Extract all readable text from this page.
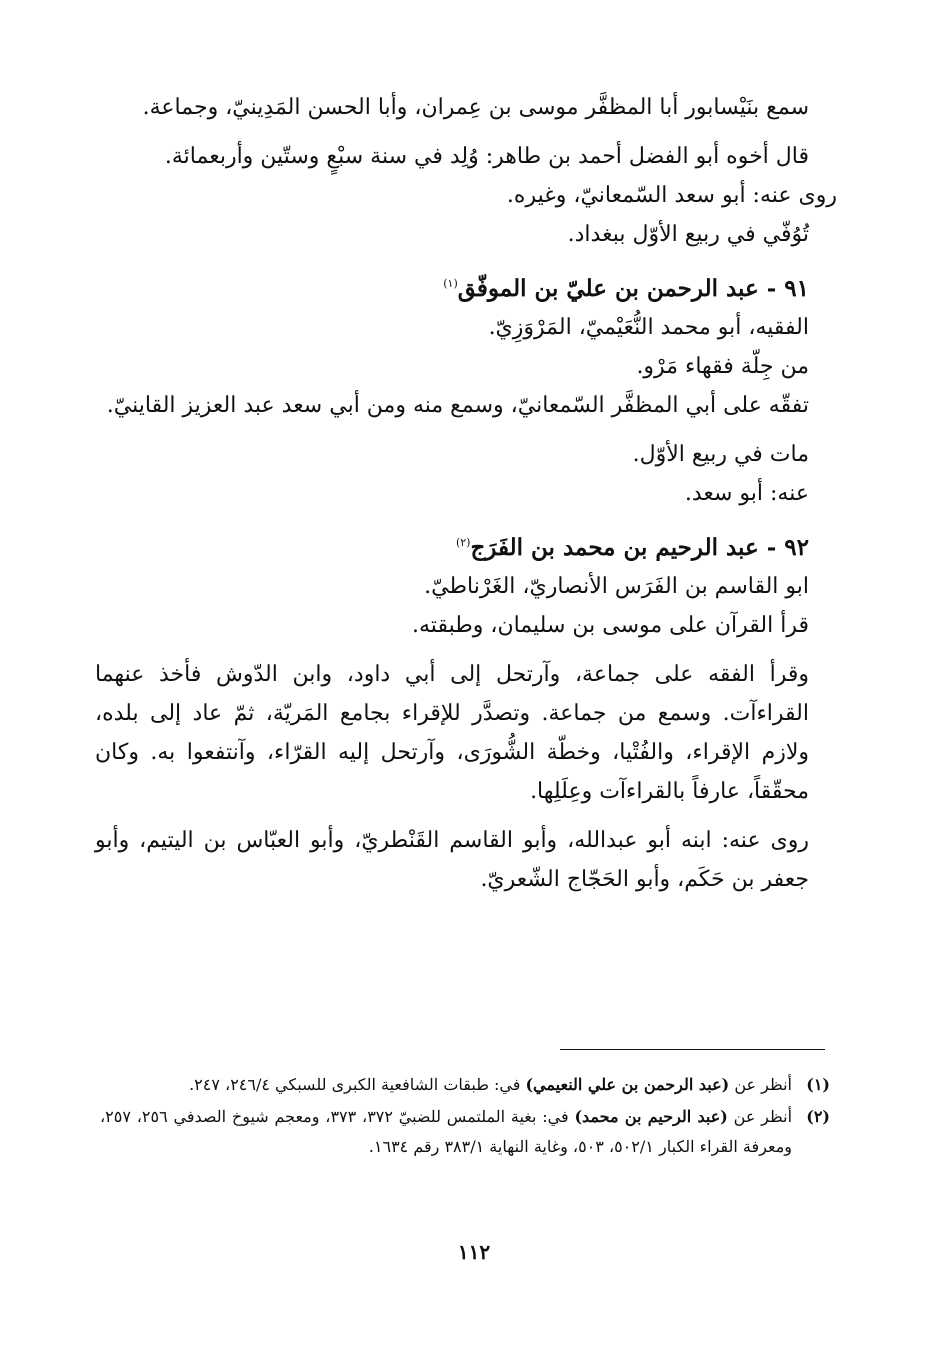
سمع بنَيْسابور أبا المظفَّر موسى بن عِمران، وأبا الحسن المَدِينيّ، وجماعة.

قال أخوه أبو الفضل أحمد بن طاهر: وُلِد في سنة سبْعٍ وستّين وأربعمائة.

روى عنه: أبو سعد السّمعانيّ، وغيره.

تُوُفّي في ربيع الأوّل ببغداد.

٩١ - عبد الرحمن بن عليّ بن الموفّق$^{(١)}$

الفقيه، أبو محمد النُّعَيْميّ، المَرْوَزِيّ.

من جِلّة فقهاء مَرْو.

تفقّه على أبي المظفَّر السّمعانيّ، وسمع منه ومن أبي سعد عبد العزيز القاينيّ.

مات في ربيع الأوّل.

عنه: أبو سعد.

٩٢ - عبد الرحيم بن محمد بن الفَرَج$^{(٢)}$

ابو القاسم بن الفَرَس الأنصاريّ، الغَرْناطيّ.

قرأ القرآن على موسى بن سليمان، وطبقته.

وقرأ الفقه على جماعة، وآرتحل إلى أبي داود، وابن الدّوش فأخذ عنهما القراءآت. وسمع من جماعة. وتصدَّر للإقراء بجامع المَريّة، ثمّ عاد إلى بلده، ولازم الإقراء، والفُتْيا، وخطّة الشُّورَى، وآرتحل إليه القرّاء، وآنتفعوا به. وكان محقّقاً، عارفاً بالقراءآت وعِلَلِها.

روى عنه: ابنه أبو عبدالله، وأبو القاسم القَنْطريّ، وأبو العبّاس بن اليتيم، وأبو جعفر بن حَكَم، وأبو الحَجّاج الشّعريّ.

(١)
أنظر عن (عبد الرحمن بن علي النعيمي) في: طبقات الشافعية الكبرى للسبكي ٢٤٦/٤، ٢٤٧.
(٢)
أنظر عن (عبد الرحيم بن محمد) في: بغية الملتمس للضبيّ ٣٧٢، ٣٧٣، ومعجم شيوخ الصدفي ٢٥٦، ٢٥٧، ومعرفة القراء الكبار ٥٠٢/١، ٥٠٣، وغاية النهاية ٣٨٣/١ رقم ١٦٣٤.
١١٢
